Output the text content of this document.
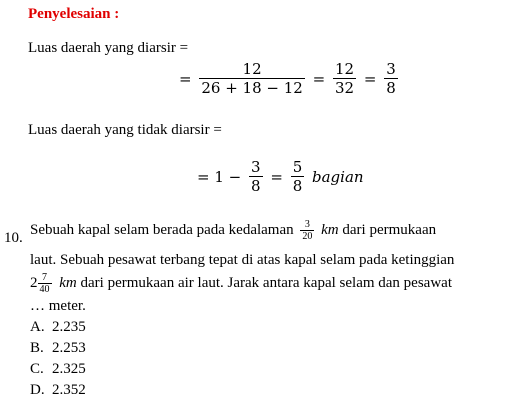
Penyelesaian :
Luas daerah yang diarsir =
= $\frac{12}{26 + 18 - 12} = \frac{12}{32} = \frac{3}{8}$
Luas daerah yang tidak diarsir =
= $1 - \frac{3}{8} = \frac{5}{8}$ bagian
10.
Sebuah kapal selam berada pada kedalaman $\frac{3}{20}$ km dari permukaan
laut. Sebuah pesawat terbang tepat di atas kapal selam pada ketinggian
$2 \frac{7}{40}$ km dari permukaan air laut. Jarak antara kapal selam dan pesawat
… meter.
A. 2.235
B. 2.253
C. 2.325
D. 2.352
